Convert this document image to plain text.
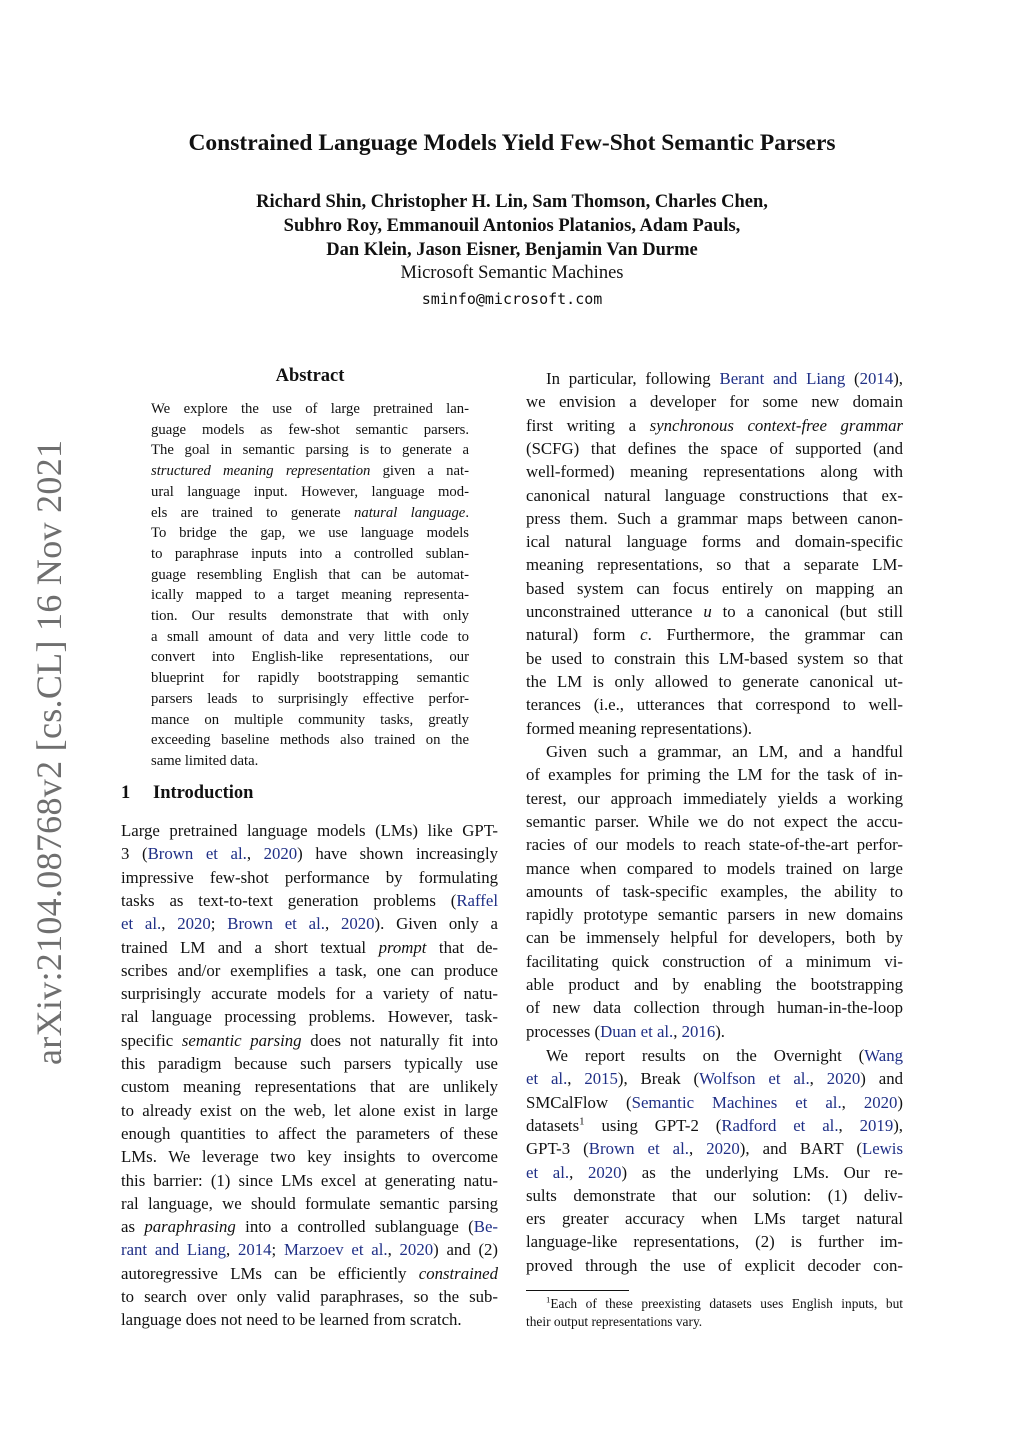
Constrained Language Models Yield Few-Shot Semantic Parsers
Richard Shin, Christopher H. Lin, Sam Thomson, Charles Chen,
Subhro Roy, Emmanouil Antonios Platanios, Adam Pauls,
Dan Klein, Jason Eisner, Benjamin Van Durme
Microsoft Semantic Machines
sminfo@microsoft.com
arXiv:2104.08768v2 [cs.CL] 16 Nov 2021
Abstract
We explore the use of large pretrained lan-
guage models as few-shot semantic parsers.
The goal in semantic parsing is to generate a
structured meaning representation given a nat-
ural language input. However, language mod-
els are trained to generate natural language.
To bridge the gap, we use language models
to paraphrase inputs into a controlled sublan-
guage resembling English that can be automat-
ically mapped to a target meaning representa-
tion. Our results demonstrate that with only
a small amount of data and very little code to
convert into English-like representations, our
blueprint for rapidly bootstrapping semantic
parsers leads to surprisingly effective perfor-
mance on multiple community tasks, greatly
exceeding baseline methods also trained on the
same limited data.
1 Introduction
Large pretrained language models (LMs) like GPT-
3 (Brown et al., 2020) have shown increasingly
impressive few-shot performance by formulating
tasks as text-to-text generation problems (Raffel
et al., 2020; Brown et al., 2020). Given only a
trained LM and a short textual prompt that de-
scribes and/or exemplifies a task, one can produce
surprisingly accurate models for a variety of natu-
ral language processing problems. However, task-
specific semantic parsing does not naturally fit into
this paradigm because such parsers typically use
custom meaning representations that are unlikely
to already exist on the web, let alone exist in large
enough quantities to affect the parameters of these
LMs. We leverage two key insights to overcome
this barrier: (1) since LMs excel at generating natu-
ral language, we should formulate semantic parsing
as paraphrasing into a controlled sublanguage (Be-
rant and Liang, 2014; Marzoev et al., 2020) and (2)
autoregressive LMs can be efficiently constrained
to search over only valid paraphrases, so the sub-
language does not need to be learned from scratch.
In particular, following Berant and Liang (2014),
we envision a developer for some new domain
first writing a synchronous context-free grammar
(SCFG) that defines the space of supported (and
well-formed) meaning representations along with
canonical natural language constructions that ex-
press them. Such a grammar maps between canon-
ical natural language forms and domain-specific
meaning representations, so that a separate LM-
based system can focus entirely on mapping an
unconstrained utterance u to a canonical (but still
natural) form c. Furthermore, the grammar can
be used to constrain this LM-based system so that
the LM is only allowed to generate canonical ut-
terances (i.e., utterances that correspond to well-
formed meaning representations).
Given such a grammar, an LM, and a handful
of examples for priming the LM for the task of in-
terest, our approach immediately yields a working
semantic parser. While we do not expect the accu-
racies of our models to reach state-of-the-art perfor-
mance when compared to models trained on large
amounts of task-specific examples, the ability to
rapidly prototype semantic parsers in new domains
can be immensely helpful for developers, both by
facilitating quick construction of a minimum vi-
able product and by enabling the bootstrapping
of new data collection through human-in-the-loop
processes (Duan et al., 2016).
We report results on the Overnight (Wang
et al., 2015), Break (Wolfson et al., 2020) and
SMCalFlow (Semantic Machines et al., 2020)
datasets$^1$ using GPT-2 (Radford et al., 2019),
GPT-3 (Brown et al., 2020), and BART (Lewis
et al., 2020) as the underlying LMs. Our re-
sults demonstrate that our solution: (1) deliv-
ers greater accuracy when LMs target natural
language-like representations, (2) is further im-
proved through the use of explicit decoder con-
$^1$Each of these preexisting datasets uses English inputs, but
their output representations vary.
